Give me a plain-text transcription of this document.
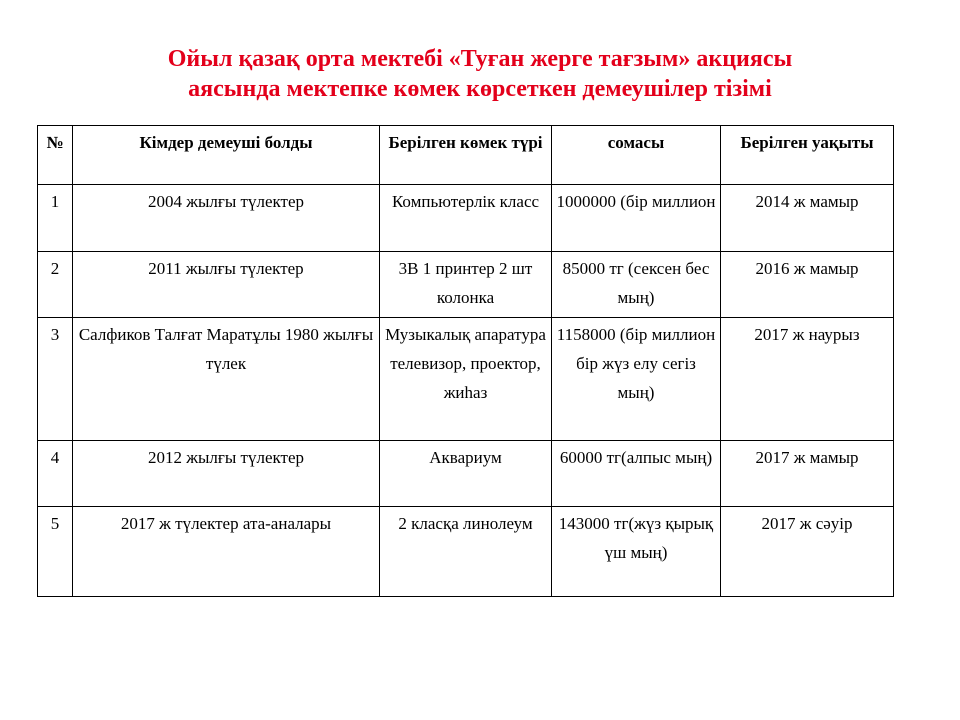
Ойыл қазақ орта мектебі «Туған жерге тағзым» акциясы
аясында мектепке көмек көрсеткен демеушілер тізімі
№	Кімдер демеуші болды	Берілген көмек түрі	сомасы	Берілген уақыты
1	2004 жылғы түлектер	Компьютерлік класс	1000000 (бір миллион	2014 ж мамыр
2	2011 жылғы түлектер	3В 1 принтер 2 шт колонка	85000 тг (сексен бес мың)	2016 ж мамыр
3	Салфиков Талғат Маратұлы 1980 жылғы түлек	Музыкалық апаратура телевизор, проектор, жиһаз	1158000 (бір миллион бір жүз елу сегіз мың)	2017 ж наурыз
4	2012 жылғы түлектер	Аквариум	60000 тг(алпыс мың)	2017 ж мамыр
5	2017 ж түлектер ата-аналары	2 класқа линолеум	143000 тг(жүз қырық үш мың)	2017 ж сәуір
